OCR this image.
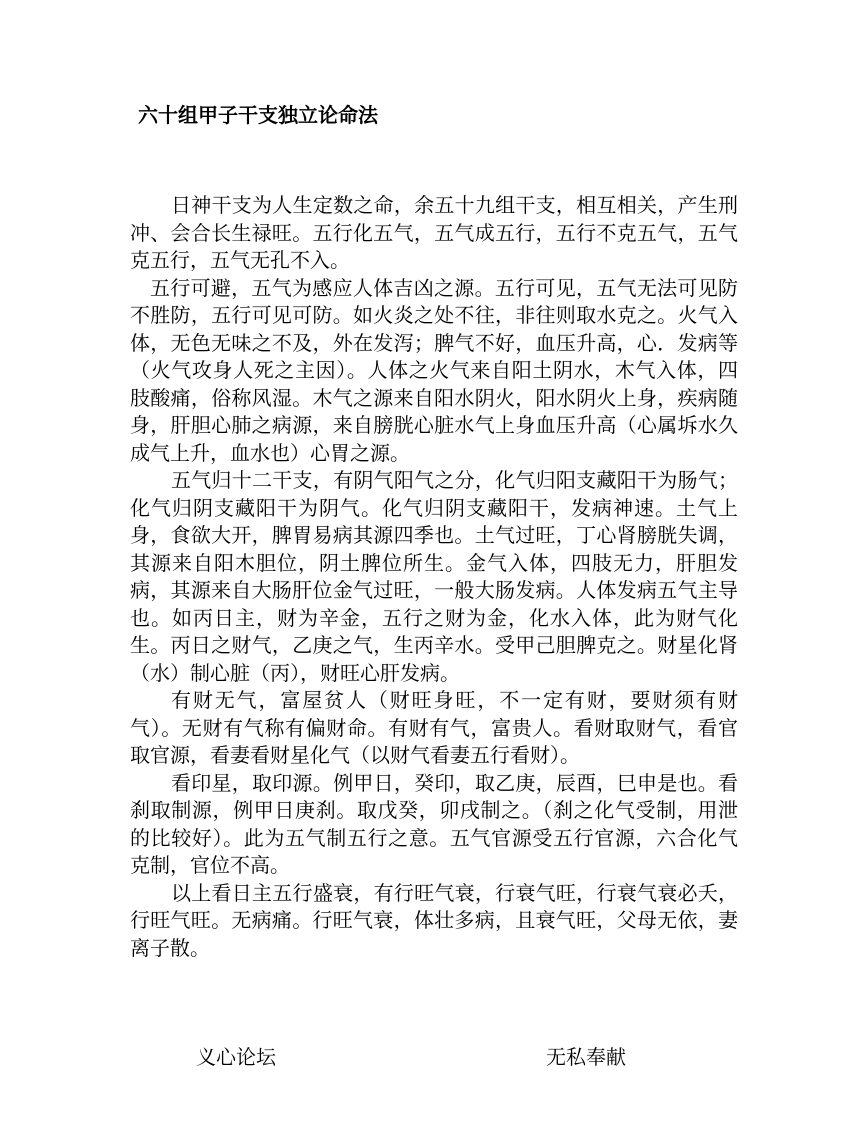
六十组甲子干支独立论命法

日神干支为人生定数之命，余五十九组干支，相互相关，产生刑冲、会合长生禄旺。五行化五气，五气成五行，五行不克五气，五气克五行，五气无孔不入。

五行可避，五气为感应人体吉凶之源。五行可见，五气无法可见防不胜防，五行可见可防。如火炎之处不往，非往则取水克之。火气入体，无色无味之不及，外在发泻；脾气不好，血压升高，心．发病等（火气攻身人死之主因）。人体之火气来自阳土阴水，木气入体，四肢酸痛，俗称风湿。木气之源来自阳水阴火，阳水阴火上身，疾病随身，肝胆心肺之病源，来自膀胱心脏水气上身血压升高（心属坼水久成气上升，血水也）心胃之源。

五气归十二干支，有阴气阳气之分，化气归阳支藏阳干为肠气；化气归阴支藏阳干为阴气。化气归阴支藏阳干，发病神速。土气上身，食欲大开，脾胃易病其源四季也。土气过旺，丁心肾膀胱失调，其源来自阳木胆位，阴土脾位所生。金气入体，四肢无力，肝胆发病，其源来自大肠肝位金气过旺，一般大肠发病。人体发病五气主导也。如丙日主，财为辛金，五行之财为金，化水入体，此为财气化生。丙日之财气，乙庚之气，生丙辛水。受甲己胆脾克之。财星化肾（水）制心脏（丙），财旺心肝发病。

有财无气，富屋贫人（财旺身旺，不一定有财，要财须有财气）。无财有气称有偏财命。有财有气，富贵人。看财取财气，看官取官源，看妻看财星化气（以财气看妻五行看财）。

看印星，取印源。例甲日，癸印，取乙庚，辰酉，巳申是也。看刹取制源，例甲日庚刹。取戊癸，卯戌制之。（刹之化气受制，用泄的比较好）。此为五气制五行之意。五气官源受五行官源，六合化气克制，官位不高。

以上看日主五行盛衰，有行旺气衰，行衰气旺，行衰气衰必夭，行旺气旺。无病痛。行旺气衰，体壮多病，且衰气旺，父母无依，妻离子散。

义心论坛	无私奉献
